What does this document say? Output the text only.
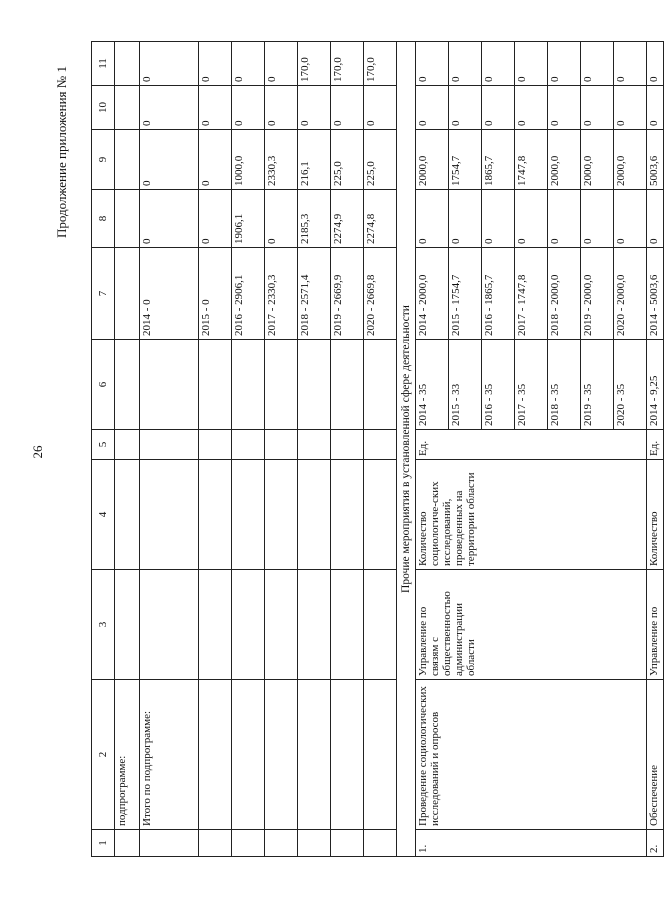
26
Продолжение приложения № 1
1	2	3	4	5	6	7	8	9	10	11
	подпрограмме:									
	Итого по подпрограмме:					2014 - 0	0	0	0	0
						2015 - 0	0	0	0	0
						2016 - 2906,1	1906,1	1000,0	0	0
						2017 - 2330,3	0	2330,3	0	0
						2018 - 2571,4	2185,3	216,1	0	170,0
						2019 - 2669,9	2274,9	225,0	0	170,0
						2020 - 2669,8	2274,8	225,0	0	170,0
Прочие мероприятия в установленной сфере деятельности										
1.	Проведение социологических исследований и опросов	Управление по связям с общественностью администрации области	Количество социологиче-ских исследований, проведенных на территории области	Ед.	2014 - 35	2014 - 2000,0	0	2000,0	0	0
					2015 - 33	2015 - 1754,7	0	1754,7	0	0
					2016 - 35	2016 - 1865,7	0	1865,7	0	0
					2017 - 35	2017 - 1747,8	0	1747,8	0	0
					2018 - 35	2018 - 2000,0	0	2000,0	0	0
					2019 - 35	2019 - 2000,0	0	2000,0	0	0
					2020 - 35	2020 - 2000,0	0	2000,0	0	0
2.	Обеспечение	Управление по	Количество	Ед.	2014 - 9,25	2014 - 5003,6	0	5003,6	0	0
